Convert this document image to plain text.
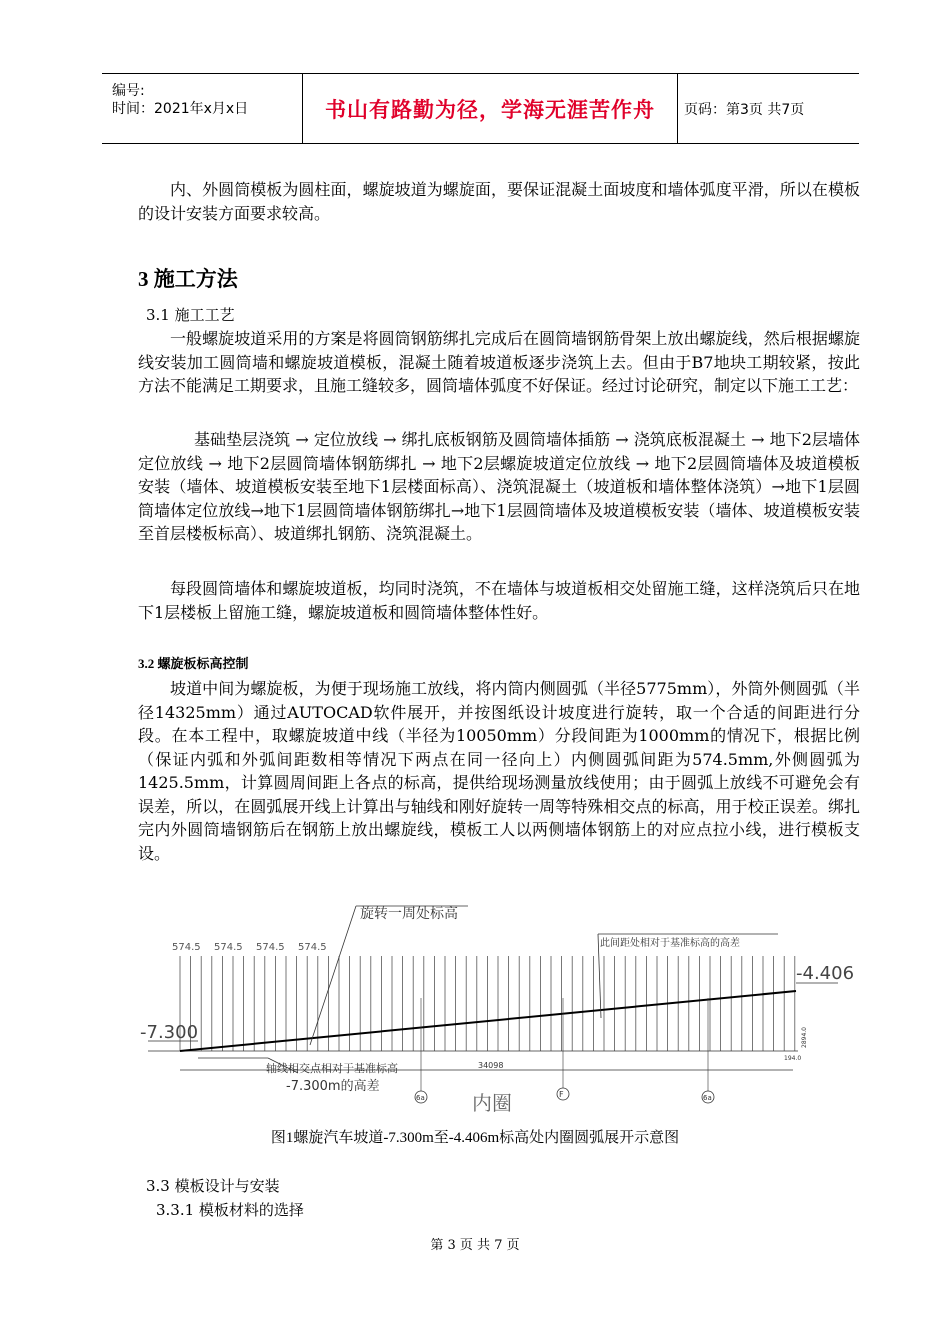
编号:
时间：2021年x月x日	书山有路勤为径，学海无涯苦作舟	页码：第3页 共7页
内、外圆筒模板为圆柱面，螺旋坡道为螺旋面，要保证混凝土面坡度和墙体弧度平滑，所以在模板的设计安装方面要求较高。
3 施工方法
3.1 施工工艺
一般螺旋坡道采用的方案是将圆筒钢筋绑扎完成后在圆筒墙钢筋骨架上放出螺旋线，然后根据螺旋线安装加工圆筒墙和螺旋坡道模板，混凝土随着坡道板逐步浇筑上去。但由于B7地块工期较紧，按此方法不能满足工期要求，且施工缝较多，圆筒墙体弧度不好保证。经过讨论研究，制定以下施工工艺：
基础垫层浇筑 → 定位放线 → 绑扎底板钢筋及圆筒墙体插筋 → 浇筑底板混凝土 → 地下2层墙体定位放线 → 地下2层圆筒墙体钢筋绑扎 → 地下2层螺旋坡道定位放线 → 地下2层圆筒墙体及坡道模板安装（墙体、坡道模板安装至地下1层楼面标高）、浇筑混凝土（坡道板和墙体整体浇筑）→地下1层圆筒墙体定位放线→地下1层圆筒墙体钢筋绑扎→地下1层圆筒墙体及坡道模板安装（墙体、坡道模板安装至首层楼板标高）、坡道绑扎钢筋、浇筑混凝土。
每段圆筒墙体和螺旋坡道板，均同时浇筑，不在墙体与坡道板相交处留施工缝，这样浇筑后只在地下1层楼板上留施工缝，螺旋坡道板和圆筒墙体整体性好。
3.2 螺旋板标高控制
坡道中间为螺旋板，为便于现场施工放线，将内筒内侧圆弧（半径5775mm），外筒外侧圆弧（半径14325mm）通过AUTOCAD软件展开，并按图纸设计坡度进行旋转，取一个合适的间距进行分段。在本工程中，取螺旋坡道中线（半径为10050mm）分段间距为1000mm的情况下，根据比例（保证内弧和外弧间距数相等情况下两点在同一径向上）内侧圆弧间距为574.5mm,外侧圆弧为1425.5mm，计算圆周间距上各点的标高，提供给现场测量放线使用；由于圆弧上放线不可避免会有误差，所以，在圆弧展开线上计算出与轴线和刚好旋转一周等特殊相交点的标高，用于校正误差。绑扎完内外圆筒墙钢筋后在钢筋上放出螺旋线，模板工人以两侧墙体钢筋上的对应点拉小线，进行模板支设。
旋转一周处标高
此间距处相对于基准标高的高差
574.5 574.5 574.5 574.5
-7.300
-4.406
轴线相交点相对于基准标高
-7.300m的高差
34098
内圈
6a	F	6a
2894.0
194.0
图1螺旋汽车坡道-7.300m至-4.406m标高处内圈圆弧展开示意图
3.3 模板设计与安装
3.3.1 模板材料的选择
第 3 页 共 7 页
